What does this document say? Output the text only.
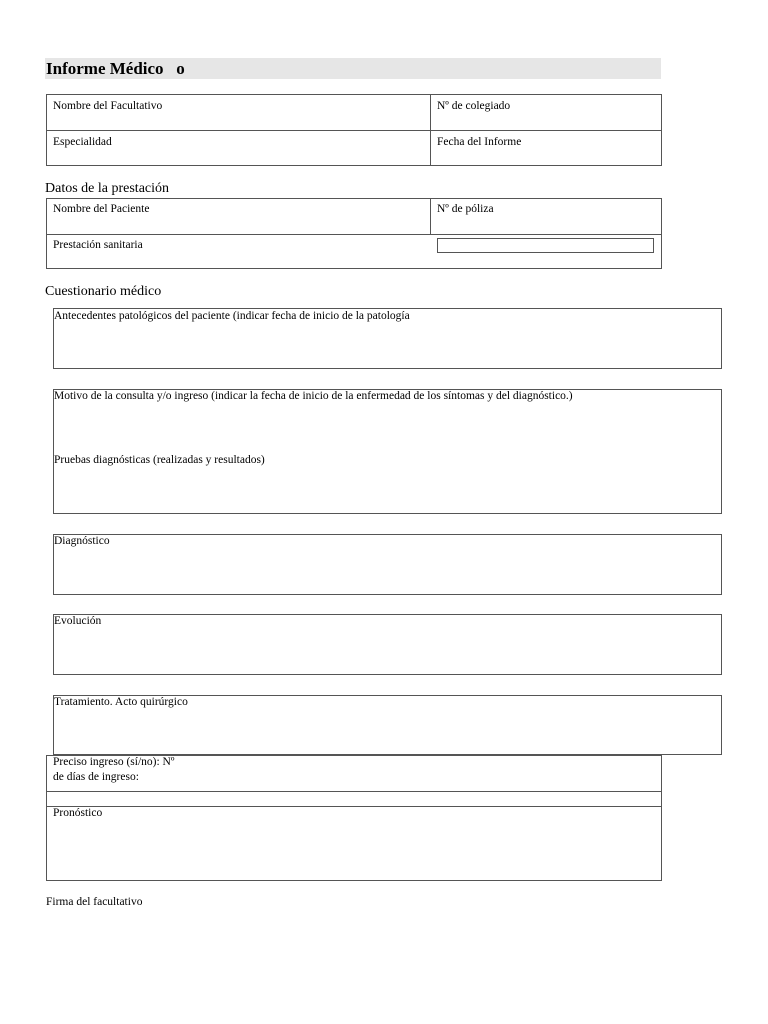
Informe Médico   o
Nombre del Facultativo	Nº de colegiado
Especialidad	Fecha del Informe
Datos de la prestación
Nombre del Paciente	Nº de póliza
Prestación sanitaria
Cuestionario médico
Antecedentes patológicos del paciente (indicar fecha de inicio de la patología
Motivo de la consulta y/o ingreso (indicar la fecha de inicio de la enfermedad de los síntomas y del diagnóstico.)
Pruebas diagnósticas (realizadas y resultados)
Diagnóstico
Evolución
Tratamiento. Acto quirúrgico
Preciso ingreso (sí/no): Nº
de días de ingreso:
Pronóstico
Firma del facultativo
